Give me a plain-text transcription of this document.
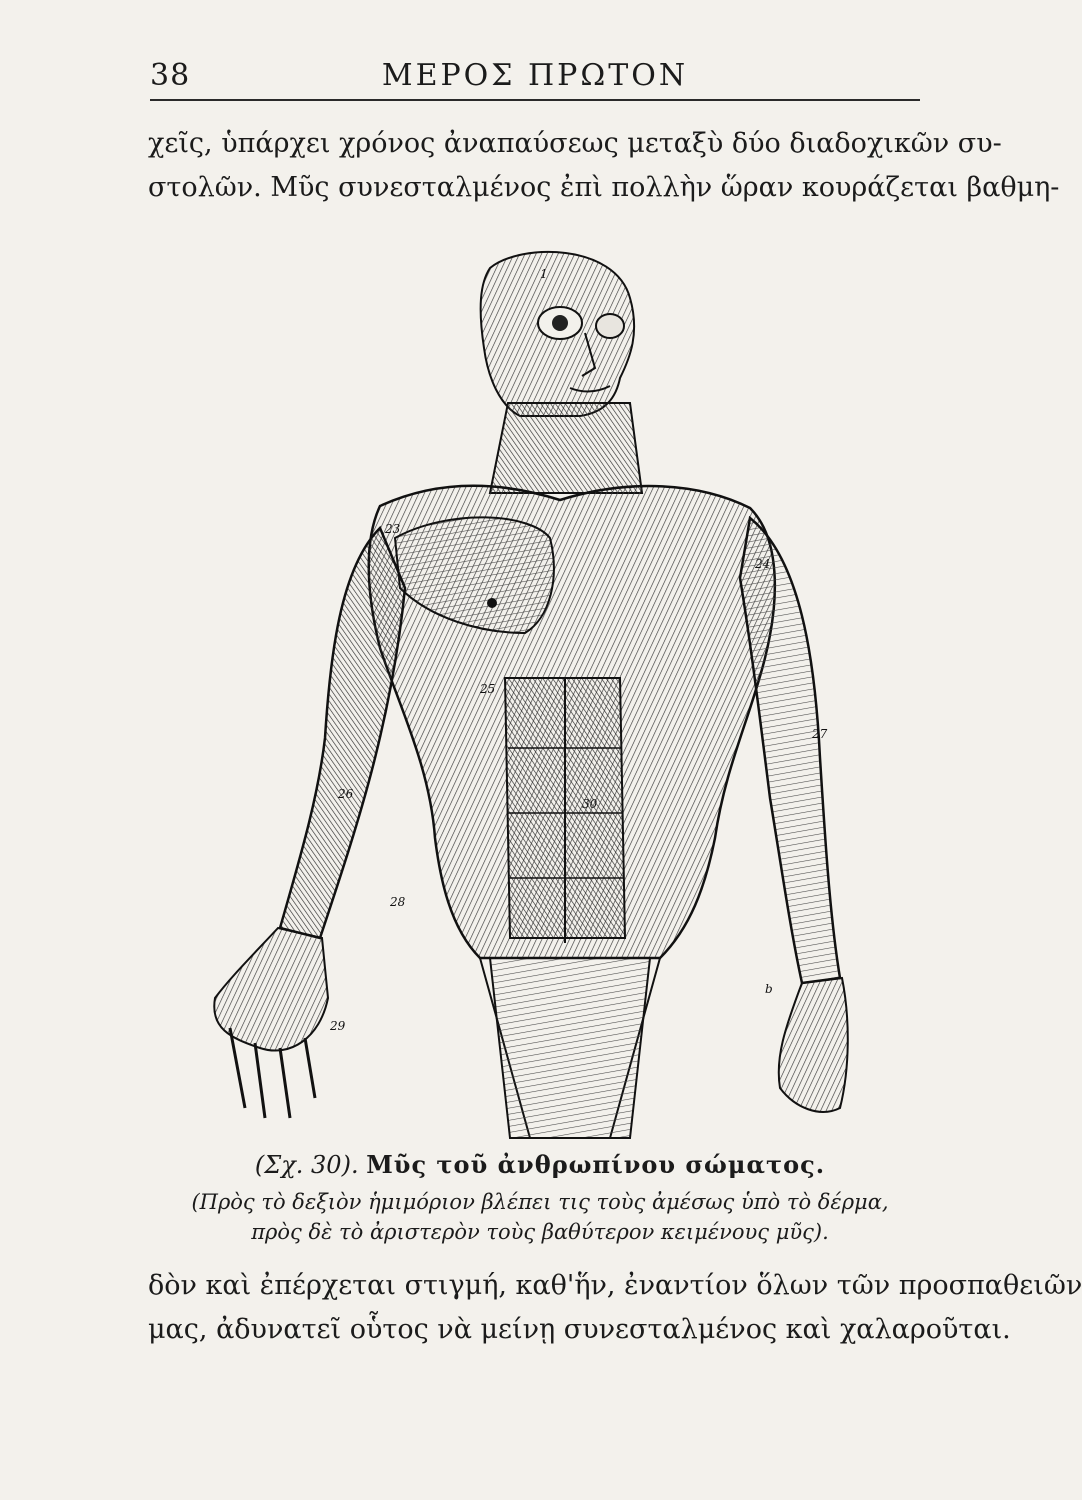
38	ΜΕΡΟΣ ΠΡΩΤΟΝ
χεῖς, ὑπάρχει χρόνος ἀναπαύσεως μεταξὺ δύο διαδοχικῶν συ-
στολῶν. Μῦς συνεσταλμένος ἐπὶ πολλὴν ὥραν κουράζεται βαθμη-
1
23
24
25
26
27
28
29
30
b
(Σχ. 30). Μῦς τοῦ ἀνθρωπίνου σώματος.
(Πρὸς τὸ δεξιὸν ἡμιμόριον βλέπει τις τοὺς ἀμέσως ὑπὸ τὸ δέρμα,
πρὸς δὲ τὸ ἀριστερὸν τοὺς βαθύτερον κειμένους μῦς).
δὸν καὶ ἐπέρχεται στιγμή, καθ'ἥν, ἐναντίον ὅλων τῶν προσπαθειῶν
μας, ἀδυνατεῖ οὗτος νὰ μείνῃ συνεσταλμένος καὶ χαλαροῦται.
